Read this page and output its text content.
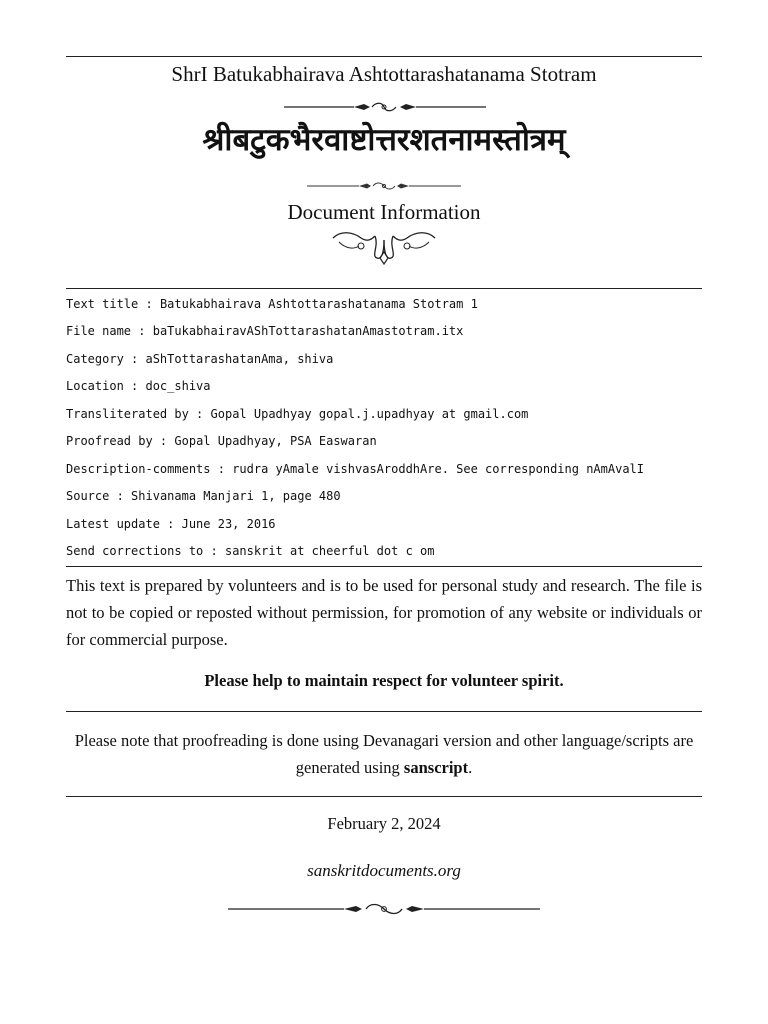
ShrI Batukabhairava Ashtottarashatanama Stotram
श्रीबटुकभैरवाष्टोत्तरशतनामस्तोत्रम्
Document Information
Text title : Batukabhairava Ashtottarashatanama Stotram 1
File name : baTukabhairavAShTottarashatanAmastotram.itx
Category : aShTottarashatanAma, shiva
Location : doc_shiva
Transliterated by : Gopal Upadhyay gopal.j.upadhyay at gmail.com
Proofread by : Gopal Upadhyay, PSA Easwaran
Description-comments : rudra yAmale vishvasAroddhAre. See corresponding nAmAvalI
Source : Shivanama Manjari 1, page 480
Latest update : June 23, 2016
Send corrections to : sanskrit at cheerful dot c om
This text is prepared by volunteers and is to be used for personal study and research. The file is not to be copied or reposted without permission, for promotion of any website or individuals or for commercial purpose.
Please help to maintain respect for volunteer spirit.
Please note that proofreading is done using Devanagari version and other language/scripts are generated using sanscript.
February 2, 2024
sanskritdocuments.org
